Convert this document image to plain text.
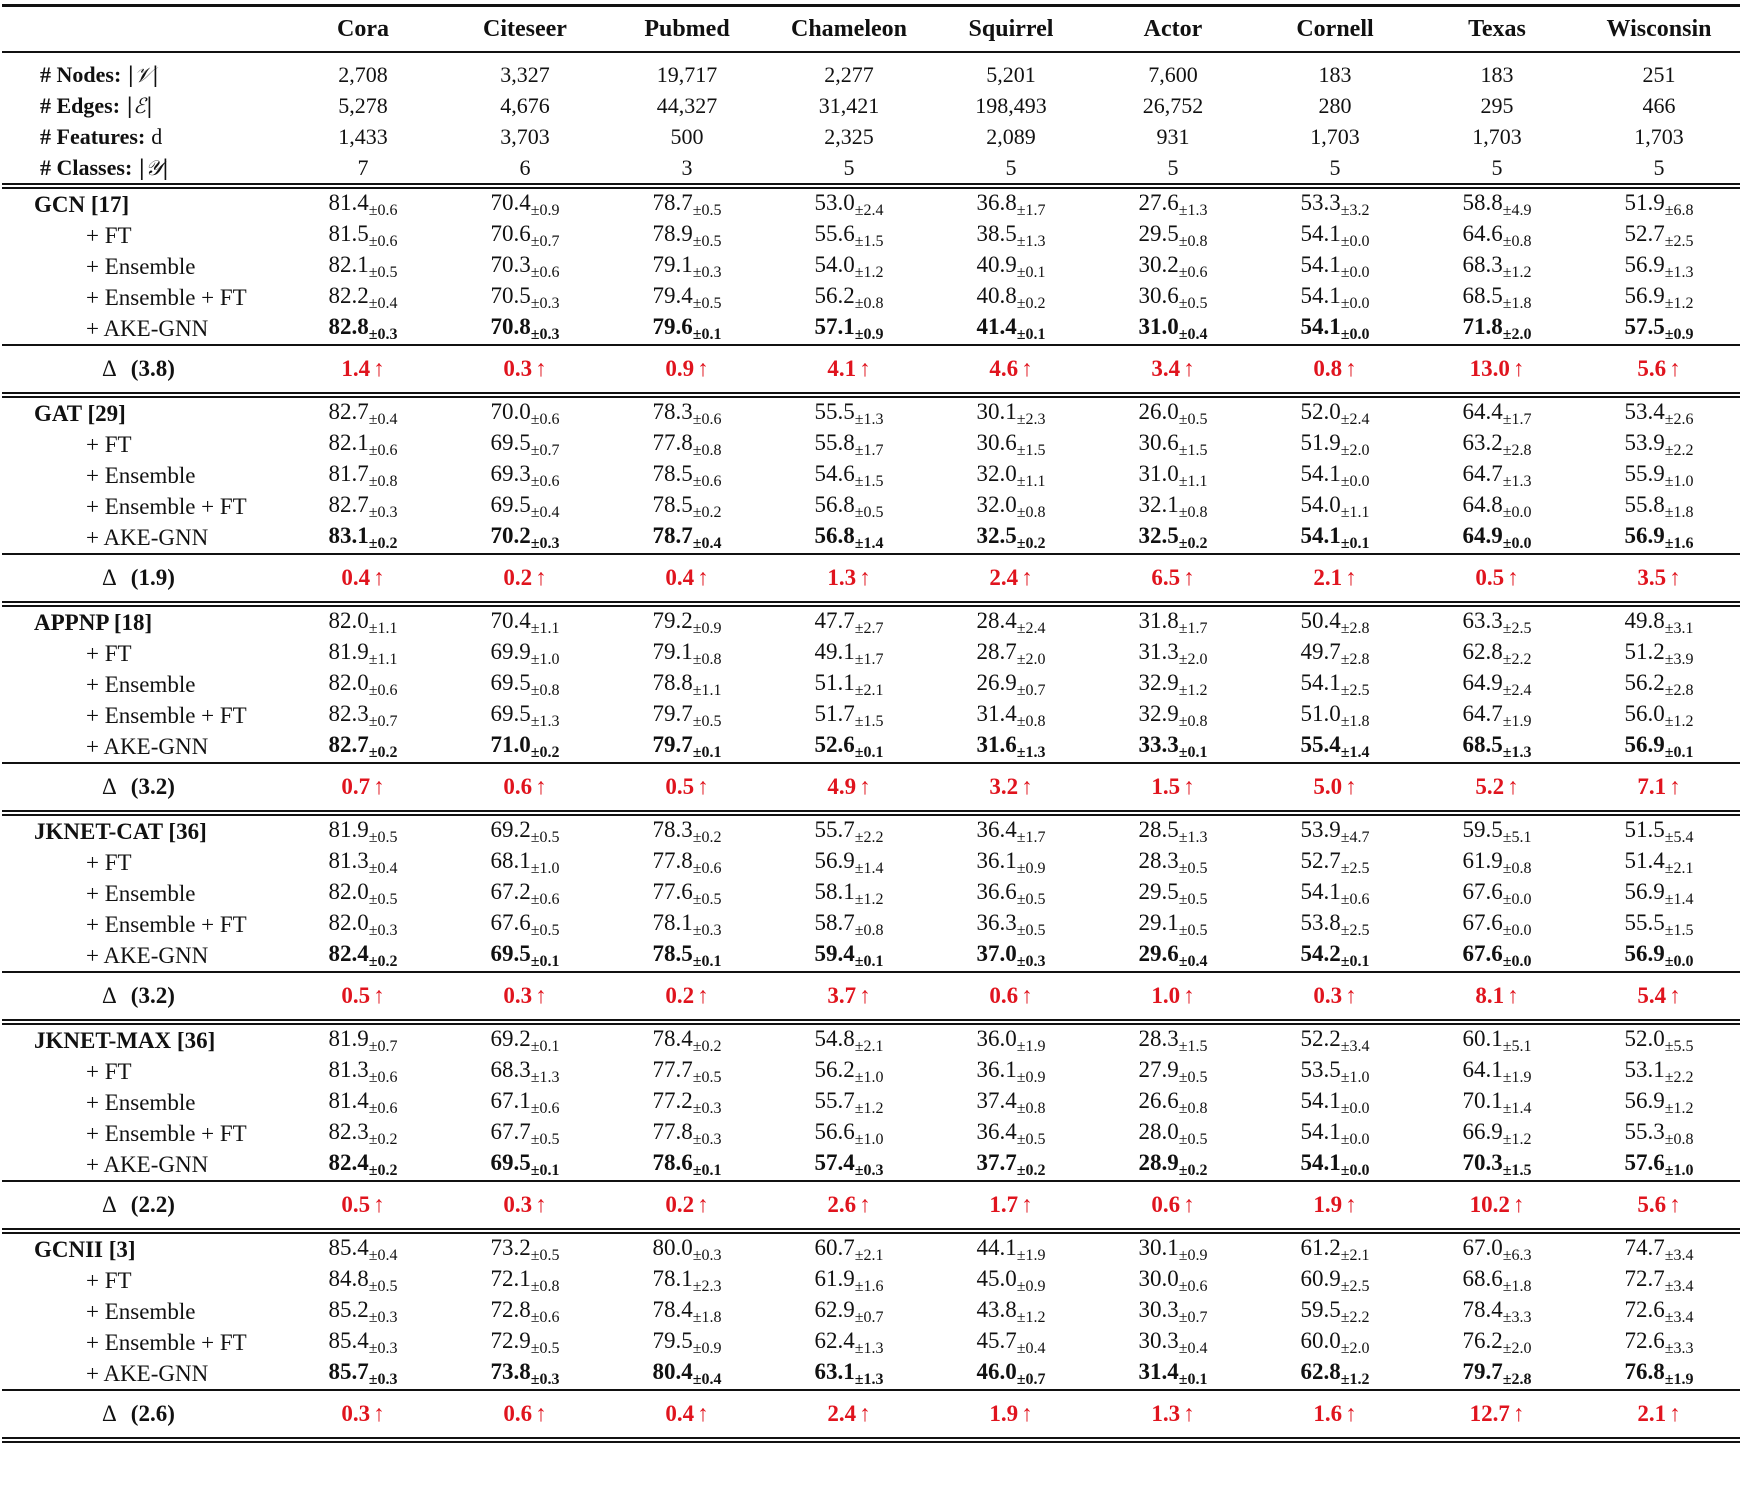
	Cora	Citeseer	Pubmed	Chameleon	Squirrel	Actor	Cornell	Texas	Wisconsin
# Nodes: |𝒱|	2,708	3,327	19,717	2,277	5,201	7,600	183	183	251
# Edges: |ℰ|	5,278	4,676	44,327	31,421	198,493	26,752	280	295	466
# Features: d	1,433	3,703	500	2,325	2,089	931	1,703	1,703	1,703
# Classes: |𝒴|	7	6	3	5	5	5	5	5	5
GCN [17]	$81.4_{\pm 0.6}$	$70.4_{\pm 0.9}$	$78.7_{\pm 0.5}$	$53.0_{\pm 2.4}$	$36.8_{\pm 1.7}$	$27.6_{\pm 1.3}$	$53.3_{\pm 3.2}$	$58.8_{\pm 4.9}$	$51.9_{\pm 6.8}$
+ FT	$81.5_{\pm 0.6}$	$70.6_{\pm 0.7}$	$78.9_{\pm 0.5}$	$55.6_{\pm 1.5}$	$38.5_{\pm 1.3}$	$29.5_{\pm 0.8}$	$54.1_{\pm 0.0}$	$64.6_{\pm 0.8}$	$52.7_{\pm 2.5}$
+ Ensemble	$82.1_{\pm 0.5}$	$70.3_{\pm 0.6}$	$79.1_{\pm 0.3}$	$54.0_{\pm 1.2}$	$40.9_{\pm 0.1}$	$30.2_{\pm 0.6}$	$54.1_{\pm 0.0}$	$68.3_{\pm 1.2}$	$56.9_{\pm 1.3}$
+ Ensemble + FT	$82.2_{\pm 0.4}$	$70.5_{\pm 0.3}$	$79.4_{\pm 0.5}$	$56.2_{\pm 0.8}$	$40.8_{\pm 0.2}$	$30.6_{\pm 0.5}$	$54.1_{\pm 0.0}$	$68.5_{\pm 1.8}$	$56.9_{\pm 1.2}$
+ AKE-GNN	$82.8_{\pm 0.3}$	$70.8_{\pm 0.3}$	$79.6_{\pm 0.1}$	$57.1_{\pm 0.9}$	$41.4_{\pm 0.1}$	$31.0_{\pm 0.4}$	$54.1_{\pm 0.0}$	$71.8_{\pm 2.0}$	$57.5_{\pm 0.9}$
Δ (3.8)	1.4 ↑	0.3 ↑	0.9 ↑	4.1 ↑	4.6 ↑	3.4 ↑	0.8 ↑	13.0 ↑	5.6 ↑
GAT [29]	$82.7_{\pm 0.4}$	$70.0_{\pm 0.6}$	$78.3_{\pm 0.6}$	$55.5_{\pm 1.3}$	$30.1_{\pm 2.3}$	$26.0_{\pm 0.5}$	$52.0_{\pm 2.4}$	$64.4_{\pm 1.7}$	$53.4_{\pm 2.6}$
+ FT	$82.1_{\pm 0.6}$	$69.5_{\pm 0.7}$	$77.8_{\pm 0.8}$	$55.8_{\pm 1.7}$	$30.6_{\pm 1.5}$	$30.6_{\pm 1.5}$	$51.9_{\pm 2.0}$	$63.2_{\pm 2.8}$	$53.9_{\pm 2.2}$
+ Ensemble	$81.7_{\pm 0.8}$	$69.3_{\pm 0.6}$	$78.5_{\pm 0.6}$	$54.6_{\pm 1.5}$	$32.0_{\pm 1.1}$	$31.0_{\pm 1.1}$	$54.1_{\pm 0.0}$	$64.7_{\pm 1.3}$	$55.9_{\pm 1.0}$
+ Ensemble + FT	$82.7_{\pm 0.3}$	$69.5_{\pm 0.4}$	$78.5_{\pm 0.2}$	$56.8_{\pm 0.5}$	$32.0_{\pm 0.8}$	$32.1_{\pm 0.8}$	$54.0_{\pm 1.1}$	$64.8_{\pm 0.0}$	$55.8_{\pm 1.8}$
+ AKE-GNN	$83.1_{\pm 0.2}$	$70.2_{\pm 0.3}$	$78.7_{\pm 0.4}$	$56.8_{\pm 1.4}$	$32.5_{\pm 0.2}$	$32.5_{\pm 0.2}$	$54.1_{\pm 0.1}$	$64.9_{\pm 0.0}$	$56.9_{\pm 1.6}$
Δ (1.9)	0.4 ↑	0.2 ↑	0.4 ↑	1.3 ↑	2.4 ↑	6.5 ↑	2.1 ↑	0.5 ↑	3.5 ↑
APPNP [18]	$82.0_{\pm 1.1}$	$70.4_{\pm 1.1}$	$79.2_{\pm 0.9}$	$47.7_{\pm 2.7}$	$28.4_{\pm 2.4}$	$31.8_{\pm 1.7}$	$50.4_{\pm 2.8}$	$63.3_{\pm 2.5}$	$49.8_{\pm 3.1}$
+ FT	$81.9_{\pm 1.1}$	$69.9_{\pm 1.0}$	$79.1_{\pm 0.8}$	$49.1_{\pm 1.7}$	$28.7_{\pm 2.0}$	$31.3_{\pm 2.0}$	$49.7_{\pm 2.8}$	$62.8_{\pm 2.2}$	$51.2_{\pm 3.9}$
+ Ensemble	$82.0_{\pm 0.6}$	$69.5_{\pm 0.8}$	$78.8_{\pm 1.1}$	$51.1_{\pm 2.1}$	$26.9_{\pm 0.7}$	$32.9_{\pm 1.2}$	$54.1_{\pm 2.5}$	$64.9_{\pm 2.4}$	$56.2_{\pm 2.8}$
+ Ensemble + FT	$82.3_{\pm 0.7}$	$69.5_{\pm 1.3}$	$79.7_{\pm 0.5}$	$51.7_{\pm 1.5}$	$31.4_{\pm 0.8}$	$32.9_{\pm 0.8}$	$51.0_{\pm 1.8}$	$64.7_{\pm 1.9}$	$56.0_{\pm 1.2}$
+ AKE-GNN	$82.7_{\pm 0.2}$	$71.0_{\pm 0.2}$	$79.7_{\pm 0.1}$	$52.6_{\pm 0.1}$	$31.6_{\pm 1.3}$	$33.3_{\pm 0.1}$	$55.4_{\pm 1.4}$	$68.5_{\pm 1.3}$	$56.9_{\pm 0.1}$
Δ (3.2)	0.7 ↑	0.6 ↑	0.5 ↑	4.9 ↑	3.2 ↑	1.5 ↑	5.0 ↑	5.2 ↑	7.1 ↑
JKNET-CAT [36]	$81.9_{\pm 0.5}$	$69.2_{\pm 0.5}$	$78.3_{\pm 0.2}$	$55.7_{\pm 2.2}$	$36.4_{\pm 1.7}$	$28.5_{\pm 1.3}$	$53.9_{\pm 4.7}$	$59.5_{\pm 5.1}$	$51.5_{\pm 5.4}$
+ FT	$81.3_{\pm 0.4}$	$68.1_{\pm 1.0}$	$77.8_{\pm 0.6}$	$56.9_{\pm 1.4}$	$36.1_{\pm 0.9}$	$28.3_{\pm 0.5}$	$52.7_{\pm 2.5}$	$61.9_{\pm 0.8}$	$51.4_{\pm 2.1}$
+ Ensemble	$82.0_{\pm 0.5}$	$67.2_{\pm 0.6}$	$77.6_{\pm 0.5}$	$58.1_{\pm 1.2}$	$36.6_{\pm 0.5}$	$29.5_{\pm 0.5}$	$54.1_{\pm 0.6}$	$67.6_{\pm 0.0}$	$56.9_{\pm 1.4}$
+ Ensemble + FT	$82.0_{\pm 0.3}$	$67.6_{\pm 0.5}$	$78.1_{\pm 0.3}$	$58.7_{\pm 0.8}$	$36.3_{\pm 0.5}$	$29.1_{\pm 0.5}$	$53.8_{\pm 2.5}$	$67.6_{\pm 0.0}$	$55.5_{\pm 1.5}$
+ AKE-GNN	$82.4_{\pm 0.2}$	$69.5_{\pm 0.1}$	$78.5_{\pm 0.1}$	$59.4_{\pm 0.1}$	$37.0_{\pm 0.3}$	$29.6_{\pm 0.4}$	$54.2_{\pm 0.1}$	$67.6_{\pm 0.0}$	$56.9_{\pm 0.0}$
Δ (3.2)	0.5 ↑	0.3 ↑	0.2 ↑	3.7 ↑	0.6 ↑	1.0 ↑	0.3 ↑	8.1 ↑	5.4 ↑
JKNET-MAX [36]	$81.9_{\pm 0.7}$	$69.2_{\pm 0.1}$	$78.4_{\pm 0.2}$	$54.8_{\pm 2.1}$	$36.0_{\pm 1.9}$	$28.3_{\pm 1.5}$	$52.2_{\pm 3.4}$	$60.1_{\pm 5.1}$	$52.0_{\pm 5.5}$
+ FT	$81.3_{\pm 0.6}$	$68.3_{\pm 1.3}$	$77.7_{\pm 0.5}$	$56.2_{\pm 1.0}$	$36.1_{\pm 0.9}$	$27.9_{\pm 0.5}$	$53.5_{\pm 1.0}$	$64.1_{\pm 1.9}$	$53.1_{\pm 2.2}$
+ Ensemble	$81.4_{\pm 0.6}$	$67.1_{\pm 0.6}$	$77.2_{\pm 0.3}$	$55.7_{\pm 1.2}$	$37.4_{\pm 0.8}$	$26.6_{\pm 0.8}$	$54.1_{\pm 0.0}$	$70.1_{\pm 1.4}$	$56.9_{\pm 1.2}$
+ Ensemble + FT	$82.3_{\pm 0.2}$	$67.7_{\pm 0.5}$	$77.8_{\pm 0.3}$	$56.6_{\pm 1.0}$	$36.4_{\pm 0.5}$	$28.0_{\pm 0.5}$	$54.1_{\pm 0.0}$	$66.9_{\pm 1.2}$	$55.3_{\pm 0.8}$
+ AKE-GNN	$82.4_{\pm 0.2}$	$69.5_{\pm 0.1}$	$78.6_{\pm 0.1}$	$57.4_{\pm 0.3}$	$37.7_{\pm 0.2}$	$28.9_{\pm 0.2}$	$54.1_{\pm 0.0}$	$70.3_{\pm 1.5}$	$57.6_{\pm 1.0}$
Δ (2.2)	0.5 ↑	0.3 ↑	0.2 ↑	2.6 ↑	1.7 ↑	0.6 ↑	1.9 ↑	10.2 ↑	5.6 ↑
GCNII [3]	$85.4_{\pm 0.4}$	$73.2_{\pm 0.5}$	$80.0_{\pm 0.3}$	$60.7_{\pm 2.1}$	$44.1_{\pm 1.9}$	$30.1_{\pm 0.9}$	$61.2_{\pm 2.1}$	$67.0_{\pm 6.3}$	$74.7_{\pm 3.4}$
+ FT	$84.8_{\pm 0.5}$	$72.1_{\pm 0.8}$	$78.1_{\pm 2.3}$	$61.9_{\pm 1.6}$	$45.0_{\pm 0.9}$	$30.0_{\pm 0.6}$	$60.9_{\pm 2.5}$	$68.6_{\pm 1.8}$	$72.7_{\pm 3.4}$
+ Ensemble	$85.2_{\pm 0.3}$	$72.8_{\pm 0.6}$	$78.4_{\pm 1.8}$	$62.9_{\pm 0.7}$	$43.8_{\pm 1.2}$	$30.3_{\pm 0.7}$	$59.5_{\pm 2.2}$	$78.4_{\pm 3.3}$	$72.6_{\pm 3.4}$
+ Ensemble + FT	$85.4_{\pm 0.3}$	$72.9_{\pm 0.5}$	$79.5_{\pm 0.9}$	$62.4_{\pm 1.3}$	$45.7_{\pm 0.4}$	$30.3_{\pm 0.4}$	$60.0_{\pm 2.0}$	$76.2_{\pm 2.0}$	$72.6_{\pm 3.3}$
+ AKE-GNN	$85.7_{\pm 0.3}$	$73.8_{\pm 0.3}$	$80.4_{\pm 0.4}$	$63.1_{\pm 1.3}$	$46.0_{\pm 0.7}$	$31.4_{\pm 0.1}$	$62.8_{\pm 1.2}$	$79.7_{\pm 2.8}$	$76.8_{\pm 1.9}$
Δ (2.6)	0.3 ↑	0.6 ↑	0.4 ↑	2.4 ↑	1.9 ↑	1.3 ↑	1.6 ↑	12.7 ↑	2.1 ↑
